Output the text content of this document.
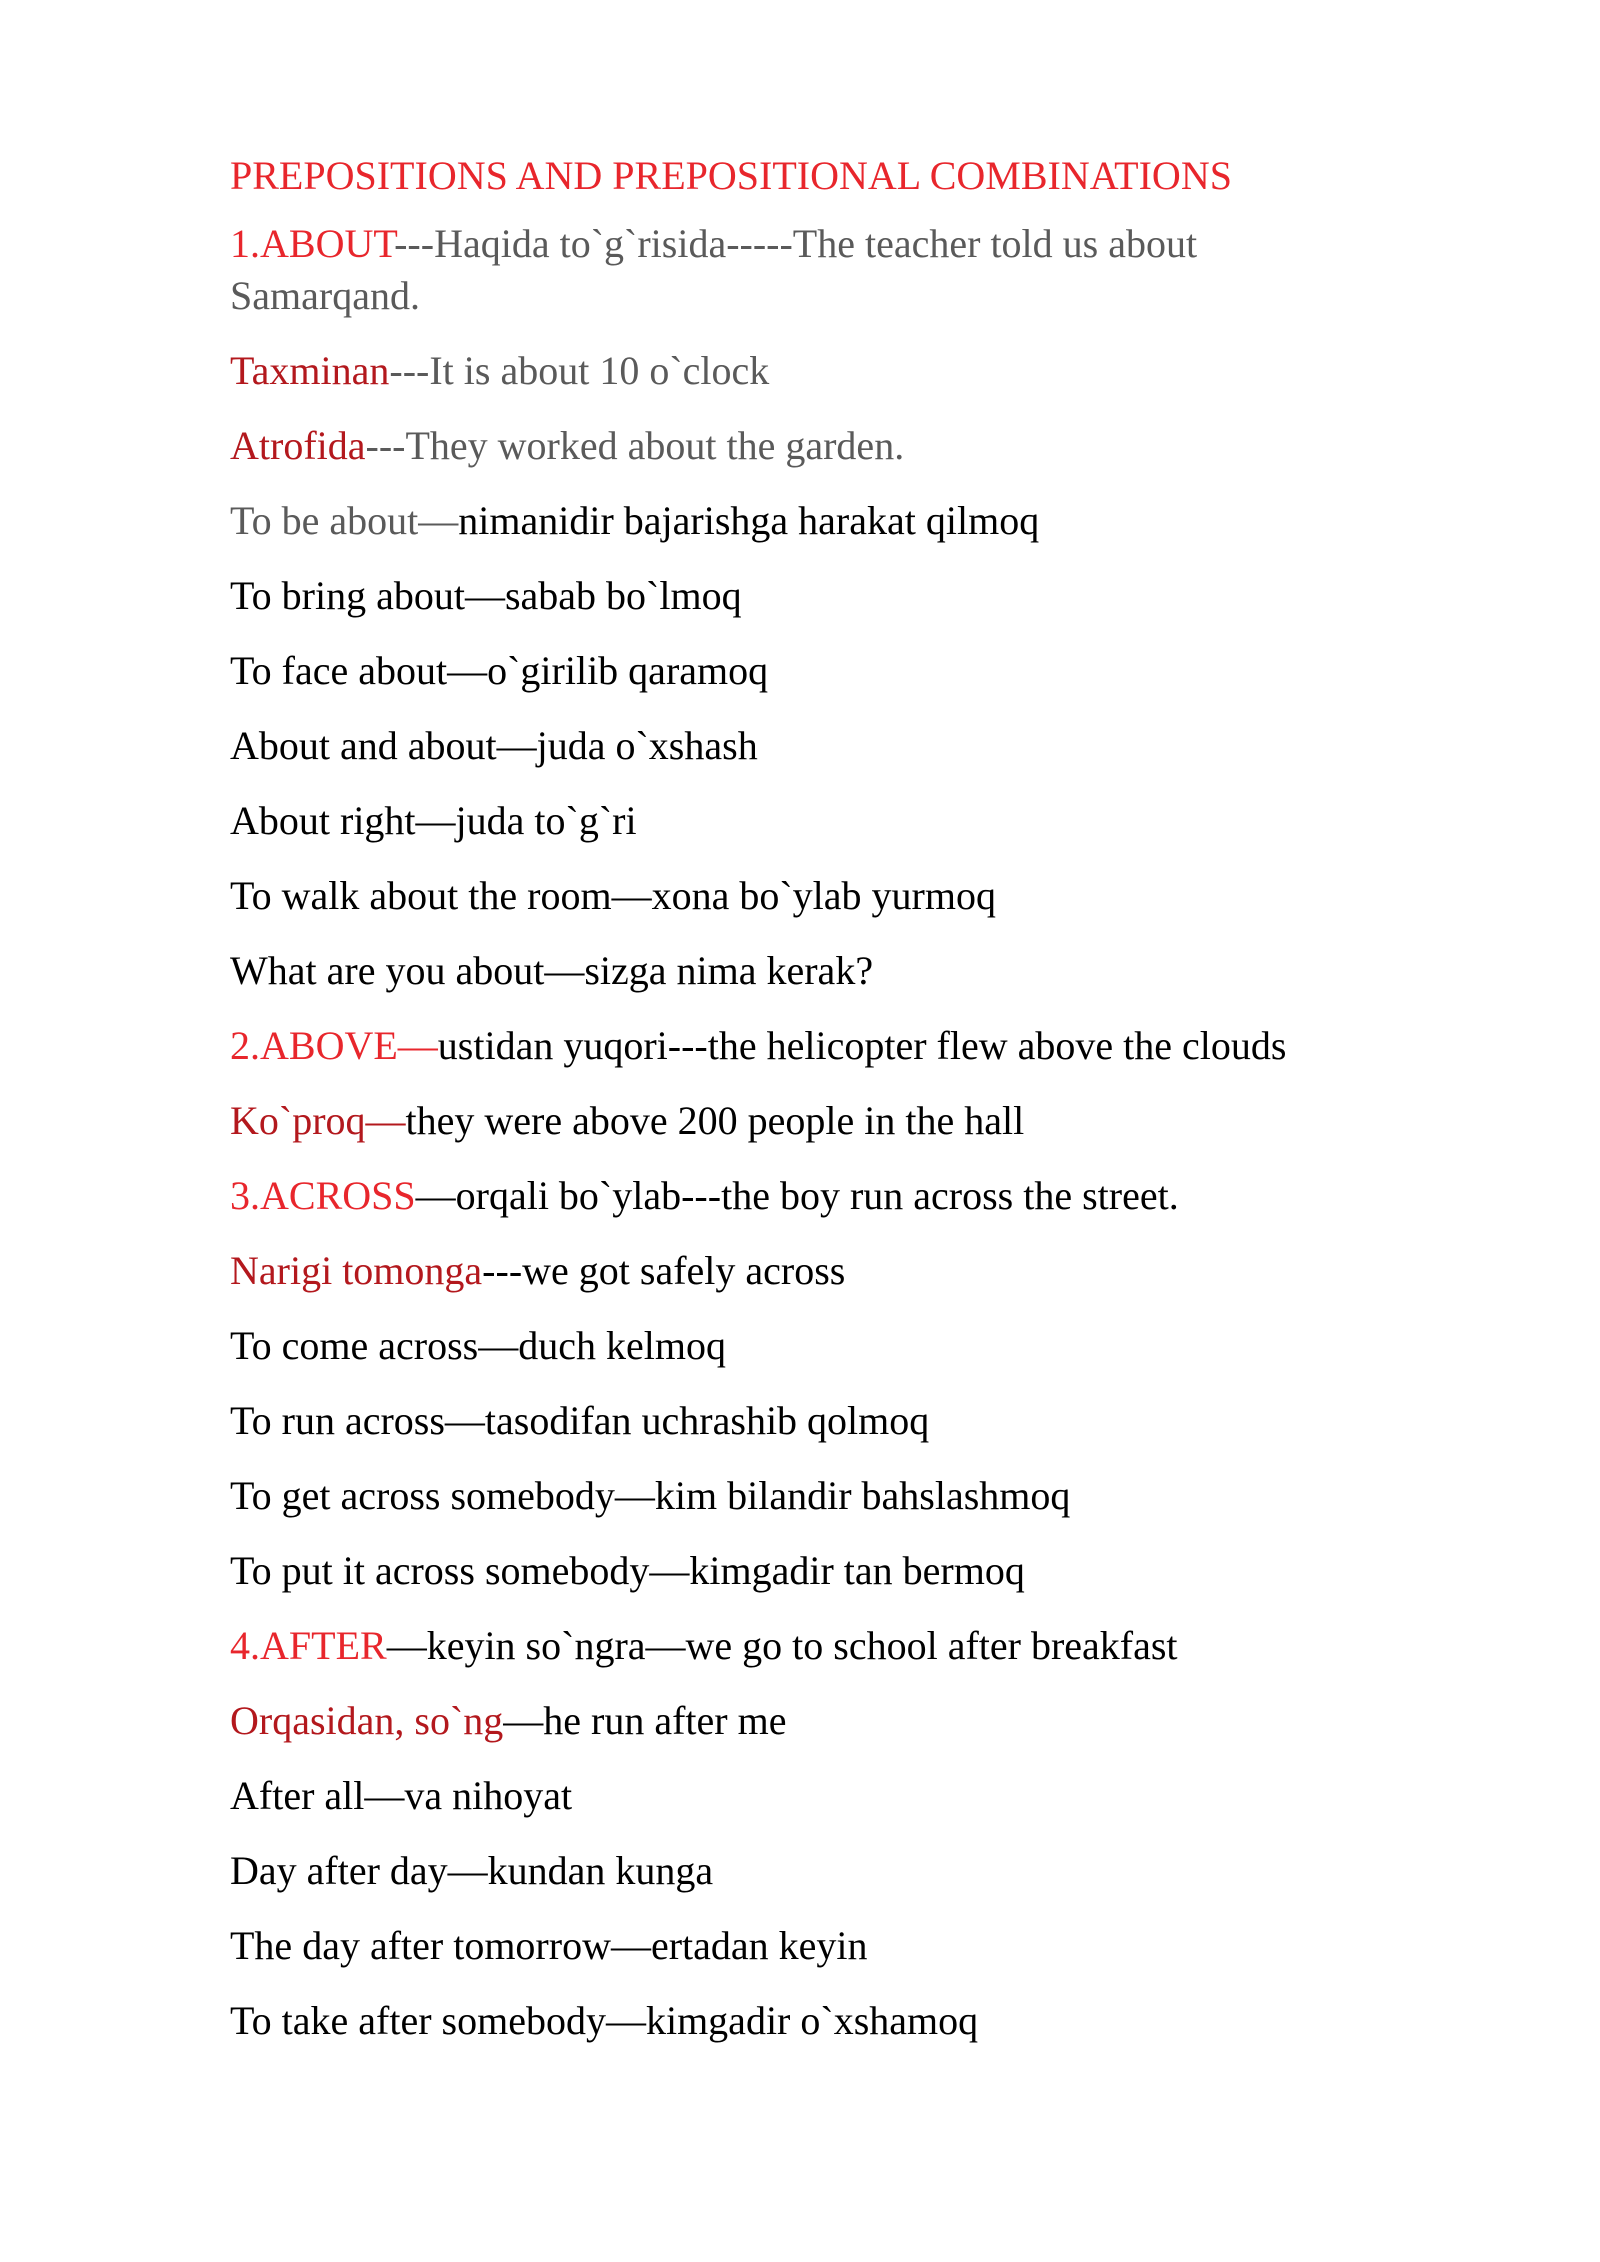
PREPOSITIONS AND PREPOSITIONAL COMBINATIONS
1.ABOUT---Haqida to`g`risida-----The teacher told us about Samarqand.
Taxminan---It is about 10 o`clock
Atrofida---They worked about the garden.
To be about—nimanidir bajarishga harakat qilmoq
To bring about—sabab bo`lmoq
To face about—o`girilib qaramoq
About and about—juda o`xshash
About right—juda to`g`ri
To walk about the room—xona bo`ylab yurmoq
What are you about—sizga nima kerak?
2.ABOVE—ustidan yuqori---the helicopter flew above the clouds
Ko`proq—they were above 200 people in the hall
3.ACROSS—orqali bo`ylab---the boy run across the street.
Narigi tomonga---we got safely across
To come across—duch kelmoq
To run across—tasodifan uchrashib qolmoq
To get across somebody—kim bilandir bahslashmoq
To put it across somebody—kimgadir tan bermoq
4.AFTER—keyin so`ngra—we go to school after breakfast
Orqasidan, so`ng—he run after me
After all—va nihoyat
Day after day—kundan kunga
The day after tomorrow—ertadan keyin
To take after somebody—kimgadir o`xshamoq
